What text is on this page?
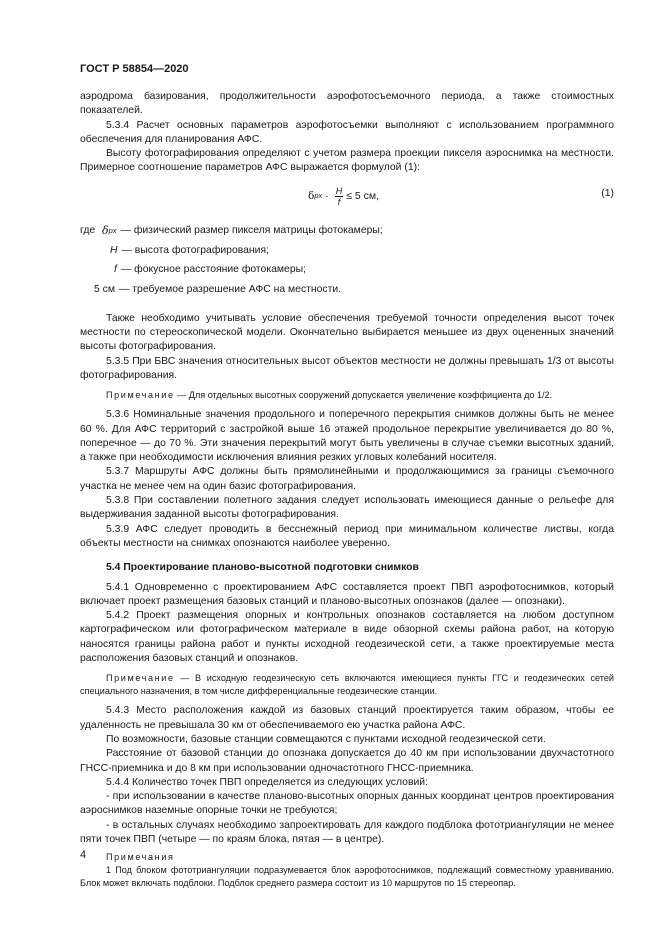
ГОСТ Р 58854—2020

аэродрома базирования, продолжительности аэрофотосъемочного периода, а также стоимостных показателей.

5.3.4 Расчет основных параметров аэрофотосъемки выполняют с использованием программного обеспечения для планирования АФС.

Высоту фотографирования определяют с учетом размера проекции пикселя аэроснимка на местности. Примерное соотношение параметров АФС выражается формулой (1):

δ px · $\frac{H}{f} \le 5$ см,	(1)
где δ px — физический размер пикселя матрицы фотокамеры;
H — высота фотографирования;
f — фокусное расстояние фотокамеры;
5 см — требуемое разрешение АФС на местности.

Также необходимо учитывать условие обеспечения требуемой точности определения высот точек местности по стереоскопической модели. Окончательно выбирается меньшее из двух оцененных значений высоты фотографирования.

5.3.5 При БВС значения относительных высот объектов местности не должны превышать 1/3 от высоты фотографирования.

Примечание — Для отдельных высотных сооружений допускается увеличение коэффициента до 1/2.

5.3.6 Номинальные значения продольного и поперечного перекрытия снимков должны быть не менее 60 %. Для АФС территорий с застройкой выше 16 этажей продольное перекрытие увеличивается до 80 %, поперечное — до 70 %. Эти значения перекрытий могут быть увеличены в случае съемки высотных зданий, а также при необходимости исключения влияния резких угловых колебаний носителя.

5.3.7 Маршруты АФС должны быть прямолинейными и продолжающимися за границы съемочного участка не менее чем на один базис фотографирования.

5.3.8 При составлении полетного задания следует использовать имеющиеся данные о рельефе для выдерживания заданной высоты фотографирования.

5.3.9 АФС следует проводить в бесснежный период при минимальном количестве листвы, когда объекты местности на снимках опознаются наиболее уверенно.

5.4 Проектирование планово-высотной подготовки снимков

5.4.1 Одновременно с проектированием АФС составляется проект ПВП аэрофотоснимков, который включает проект размещения базовых станций и планово-высотных опознаков (далее — опознаки).

5.4.2 Проект размещения опорных и контрольных опознаков составляется на любом доступном картографическом или фотографическом материале в виде обзорной схемы района работ, на которую наносятся границы района работ и пункты исходной геодезической сети, а также проектируемые места расположения базовых станций и опознаков.

Примечание — В исходную геодезическую сеть включаются имеющиеся пункты ГГС и геодезических сетей специального назначения, в том числе дифференциальные геодезические станции.

5.4.3 Место расположения каждой из базовых станций проектируется таким образом, чтобы ее удаленность не превышала 30 км от обеспечиваемого ею участка района АФС.

По возможности, базовые станции совмещаются с пунктами исходной геодезической сети.

Расстояние от базовой станции до опознака допускается до 40 км при использовании двухчастотного ГНСС-приемника и до 8 км при использовании одночастотного ГНСС-приемника.

5.4.4 Количество точек ПВП определяется из следующих условий:

- при использовании в качестве планово-высотных опорных данных координат центров проектирования аэроснимков наземные опорные точки не требуются;

- в остальных случаях необходимо запроектировать для каждого подблока фототриангуляции не менее пяти точек ПВП (четыре — по краям блока, пятая — в центре).

Примечания

1 Под блоком фототриангуляции подразумевается блок аэрофотоснимков, подлежащий совместному уравниванию. Блок может включать подблоки. Подблок среднего размера состоит из 10 маршрутов по 15 стереопар.

4
